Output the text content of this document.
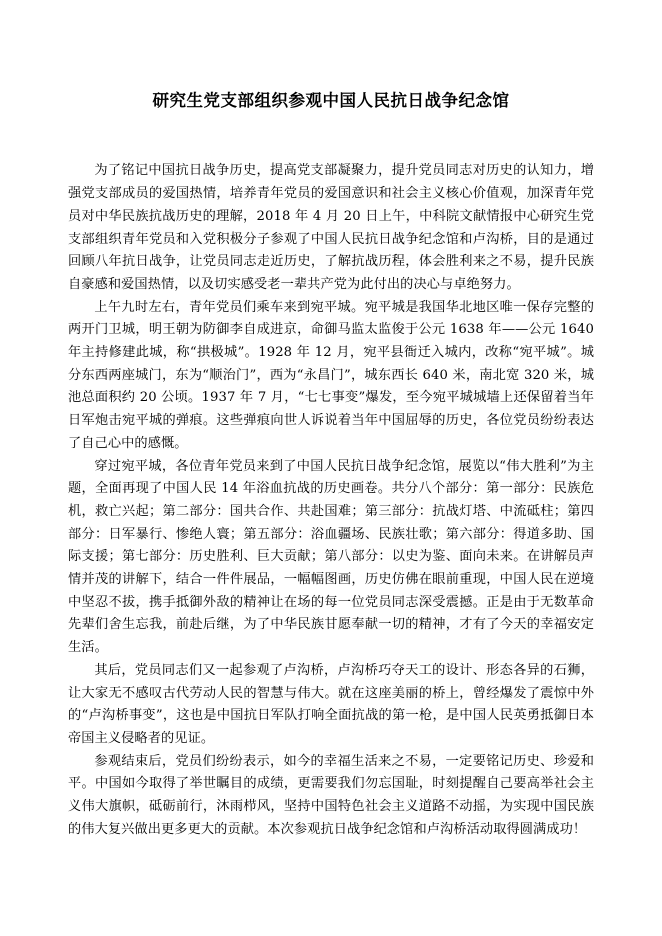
研究生党支部组织参观中国人民抗日战争纪念馆

为了铭记中国抗日战争历史，提高党支部凝聚力，提升党员同志对历史的认知力，增强党支部成员的爱国热情，培养青年党员的爱国意识和社会主义核心价值观，加深青年党员对中华民族抗战历史的理解，2018 年 4 月 20 日上午，中科院文献情报中心研究生党支部组织青年党员和入党积极分子参观了中国人民抗日战争纪念馆和卢沟桥，目的是通过回顾八年抗日战争，让党员同志走近历史，了解抗战历程，体会胜利来之不易，提升民族自豪感和爱国热情，以及切实感受老一辈共产党为此付出的决心与卓绝努力。

上午九时左右，青年党员们乘车来到宛平城。宛平城是我国华北地区唯一保存完整的两开门卫城，明王朝为防御李自成进京，命御马监太监俊于公元 1638 年——公元 1640 年主持修建此城，称“拱极城”。1928 年 12 月，宛平县衙迁入城内，改称“宛平城”。城分东西两座城门，东为“顺治门”，西为“永昌门”，城东西长 640 米，南北宽 320 米，城池总面积约 20 公顷。1937 年 7 月，“七七事变”爆发，至今宛平城城墙上还保留着当年日军炮击宛平城的弹痕。这些弹痕向世人诉说着当年中国屈辱的历史，各位党员纷纷表达了自己心中的感慨。

穿过宛平城，各位青年党员来到了中国人民抗日战争纪念馆，展览以“伟大胜利”为主题，全面再现了中国人民 14 年浴血抗战的历史画卷。共分八个部分：第一部分：民族危机，救亡兴起；第二部分：国共合作、共赴国难；第三部分：抗战灯塔、中流砥柱；第四部分：日军暴行、惨绝人寰；第五部分：浴血疆场、民族壮歌；第六部分：得道多助、国际支援；第七部分：历史胜利、巨大贡献；第八部分：以史为鉴、面向未来。在讲解员声情并茂的讲解下，结合一件件展品，一幅幅图画，历史仿佛在眼前重现，中国人民在逆境中坚忍不拔，携手抵御外敌的精神让在场的每一位党员同志深受震撼。正是由于无数革命先辈们舍生忘我，前赴后继，为了中华民族甘愿奉献一切的精神，才有了今天的幸福安定生活。

其后，党员同志们又一起参观了卢沟桥，卢沟桥巧夺天工的设计、形态各异的石狮，让大家无不感叹古代劳动人民的智慧与伟大。就在这座美丽的桥上，曾经爆发了震惊中外的“卢沟桥事变”，这也是中国抗日军队打响全面抗战的第一枪，是中国人民英勇抵御日本帝国主义侵略者的见证。

参观结束后，党员们纷纷表示，如今的幸福生活来之不易，一定要铭记历史、珍爱和平。中国如今取得了举世瞩目的成绩，更需要我们勿忘国耻，时刻提醒自己要高举社会主义伟大旗帜，砥砺前行，沐雨栉风，坚持中国特色社会主义道路不动摇，为实现中国民族的伟大复兴做出更多更大的贡献。本次参观抗日战争纪念馆和卢沟桥活动取得圆满成功！
